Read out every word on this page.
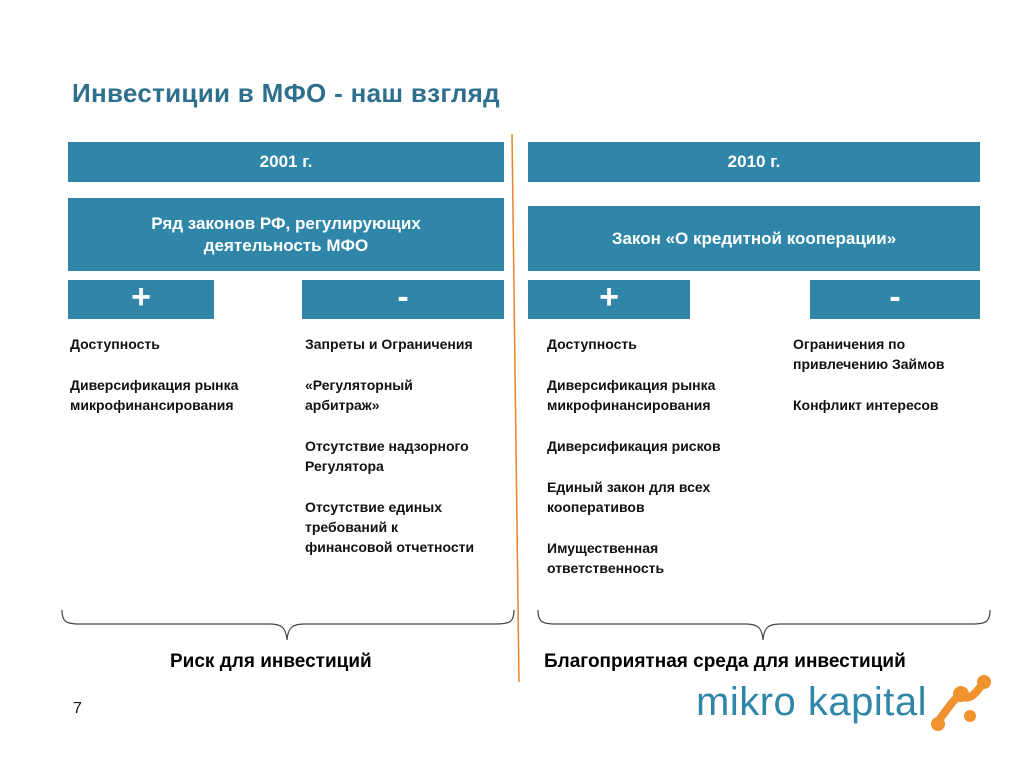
Инвестиции в МФО - наш взгляд
2001 г.
Ряд законов РФ, регулирующих
деятельность МФО
+	-
Доступность
Диверсификация рынка
микрофинансирования
Запреты и Ограничения
«Регуляторный
арбитраж»
Отсутствие надзорного
Регулятора
Отсутствие единых
требований к
финансовой отчетности
2010 г.
Закон «О кредитной кооперации»
+	-
Доступность
Диверсификация рынка
микрофинансирования
Диверсификация рисков
Единый закон для всех
кооперативов
Имущественная
ответственность
Ограничения по
привлечению Займов
Конфликт интересов
Риск для инвестиций	Благоприятная среда для инвестиций
7	mikro kapital
